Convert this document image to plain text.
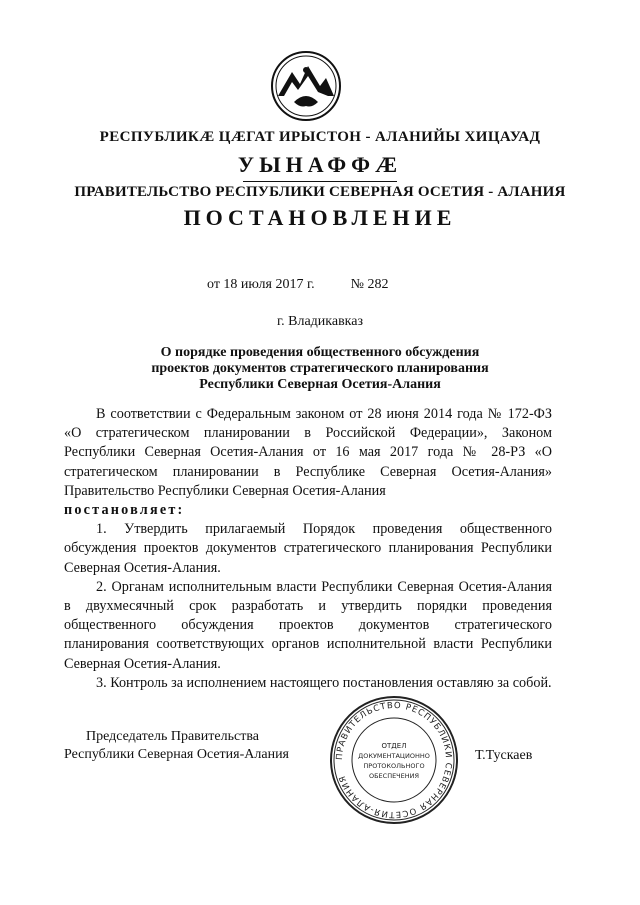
РЕСПУБЛИКӔ ЦӔГАТ ИРЫСТОН - АЛАНИЙЫ ХИЦАУАД
УЫНАФФӔ
ПРАВИТЕЛЬСТВО РЕСПУБЛИКИ СЕВЕРНАЯ ОСЕТИЯ - АЛАНИЯ
ПОСТАНОВЛЕНИЕ
от 18 июля 2017 г.	№ 282
г. Владикавказ
О порядке проведения общественного обсуждения
проектов документов стратегического планирования
Республики Северная Осетия-Алания

В соответствии с Федеральным законом от 28 июня 2014 года № 172-ФЗ «О стратегическом планировании в Российской Федерации», Законом Республики Северная Осетия-Алания от 16 мая 2017 года № 28-РЗ «О стратегическом планировании в Республике Северная Осетия-Алания» Правительство Республики Северная Осетия-Алания

постановляет:

1. Утвердить прилагаемый Порядок проведения общественного обсуждения проектов документов стратегического планирования Республики Северная Осетия-Алания.

2. Органам исполнительным власти Республики Северная Осетия-Алания в двухмесячный срок разработать и утвердить порядки проведения общественного обсуждения проектов документов стратегического планирования соответствующих органов исполнительной власти Республики Северная Осетия-Алания.

3. Контроль за исполнением настоящего постановления оставляю за собой.

Председатель Правительства
Республики Северная Осетия-Алания	ПРАВИТЕЛЬСТВО РЕСПУБЛИКИ СЕВЕРНАЯ ОСЕТИЯ-АЛАНИЯ
ОТДЕЛ
ДОКУМЕНТАЦИОННО
ПРОТОКОЛЬНОГО
ОБЕСПЕЧЕНИЯ
Т.Тускаев
